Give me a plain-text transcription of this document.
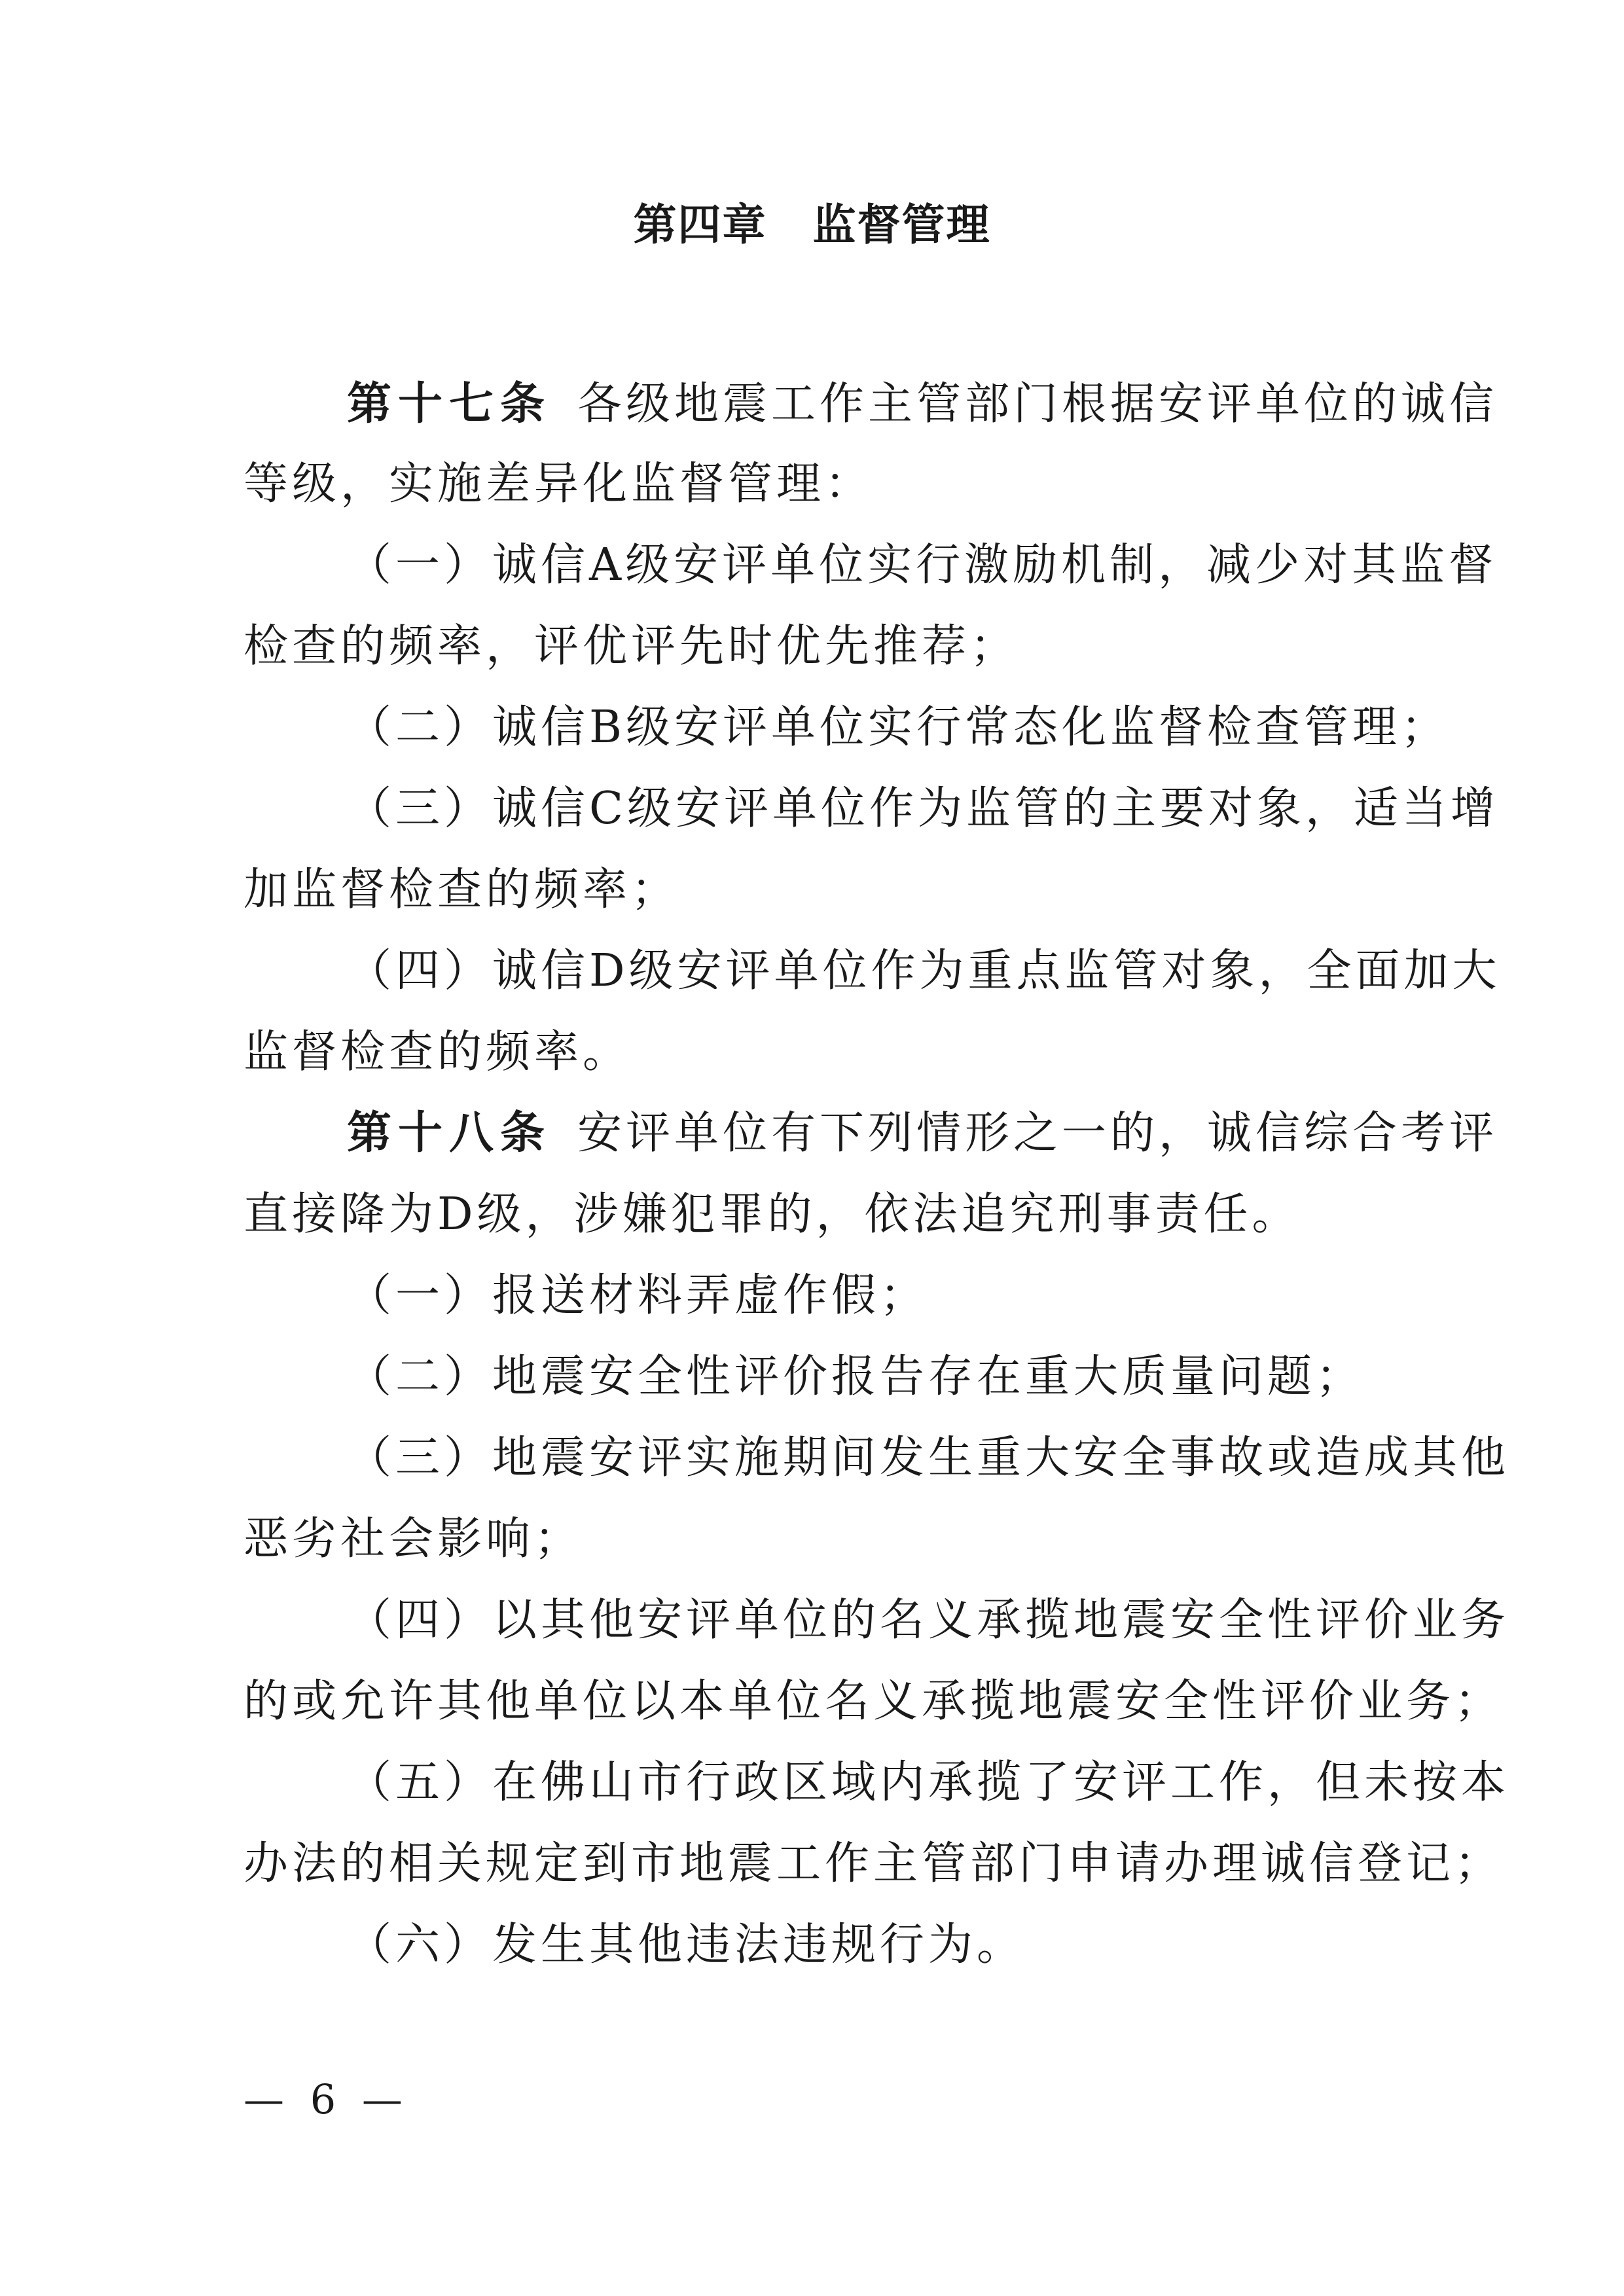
第四章 监督管理

第十七条 各级地震工作主管部门根据安评单位的诚信

等级，实施差异化监督管理：

（一）诚信A级安评单位实行激励机制，减少对其监督

检查的频率，评优评先时优先推荐；

（二）诚信B级安评单位实行常态化监督检查管理；

（三）诚信C级安评单位作为监管的主要对象，适当增

加监督检查的频率；

（四）诚信D级安评单位作为重点监管对象，全面加大

监督检查的频率。

第十八条 安评单位有下列情形之一的，诚信综合考评

直接降为D级，涉嫌犯罪的，依法追究刑事责任。

（一）报送材料弄虚作假；

（二）地震安全性评价报告存在重大质量问题；

（三）地震安评实施期间发生重大安全事故或造成其他

恶劣社会影响；

（四）以其他安评单位的名义承揽地震安全性评价业务

的或允许其他单位以本单位名义承揽地震安全性评价业务；

（五）在佛山市行政区域内承揽了安评工作，但未按本

办法的相关规定到市地震工作主管部门申请办理诚信登记；

（六）发生其他违法违规行为。

— 6 —
